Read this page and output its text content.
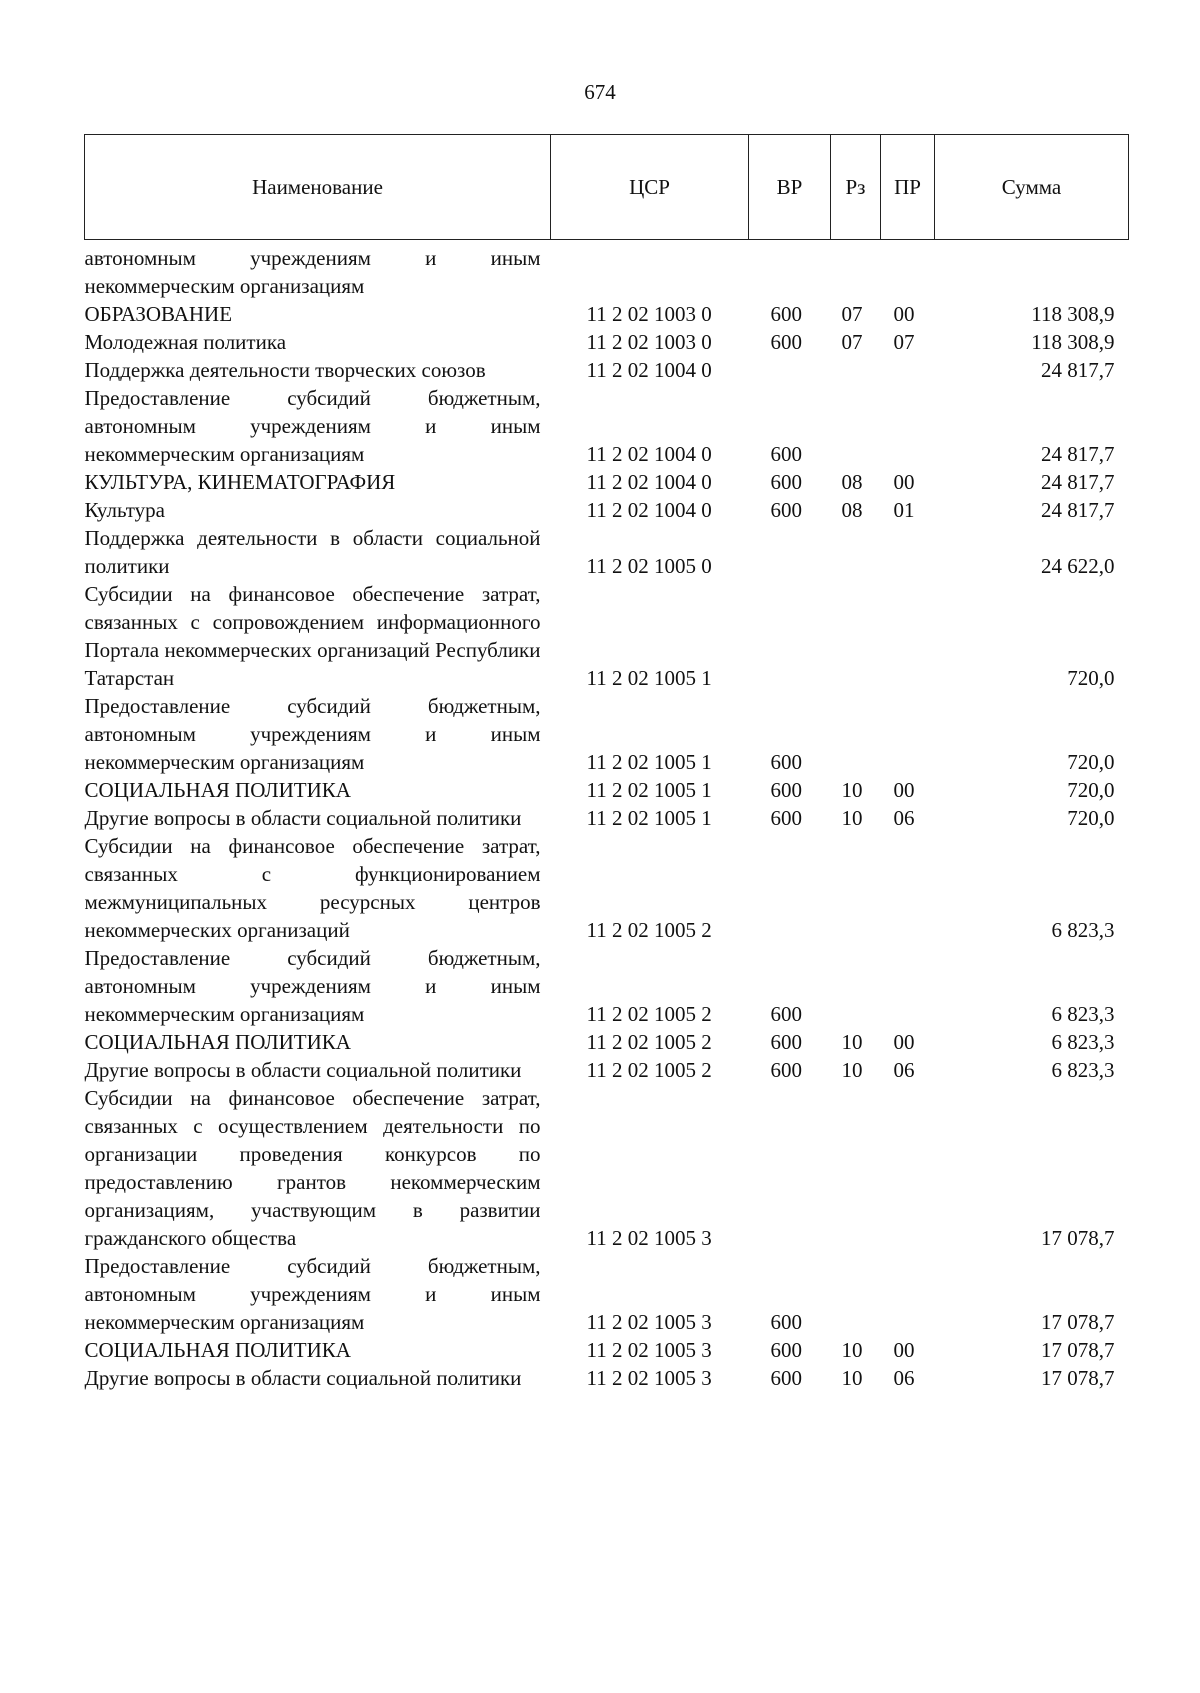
674
Наименование	ЦСР	ВР	Рз	ПР	Сумма
автономным учреждениям и иным некоммерческим организациям					
ОБРАЗОВАНИЕ	11 2 02 1003 0	600	07	00	118 308,9
Молодежная политика	11 2 02 1003 0	600	07	07	118 308,9
Поддержка деятельности творческих союзов	11 2 02 1004 0				24 817,7
Предоставление субсидий бюджетным, автономным учреждениям и иным некоммерческим организациям	11 2 02 1004 0	600			24 817,7
КУЛЬТУРА, КИНЕМАТОГРАФИЯ	11 2 02 1004 0	600	08	00	24 817,7
Культура	11 2 02 1004 0	600	08	01	24 817,7
Поддержка деятельности в области социальной политики	11 2 02 1005 0				24 622,0
Субсидии на финансовое обеспечение затрат, связанных с сопровождением информационного Портала некоммерческих организаций Республики Татарстан	11 2 02 1005 1				720,0
Предоставление субсидий бюджетным, автономным учреждениям и иным некоммерческим организациям	11 2 02 1005 1	600			720,0
СОЦИАЛЬНАЯ ПОЛИТИКА	11 2 02 1005 1	600	10	00	720,0
Другие вопросы в области социальной политики	11 2 02 1005 1	600	10	06	720,0
Субсидии на финансовое обеспечение затрат, связанных с функционированием межмуниципальных ресурсных центров некоммерческих организаций	11 2 02 1005 2				6 823,3
Предоставление субсидий бюджетным, автономным учреждениям и иным некоммерческим организациям	11 2 02 1005 2	600			6 823,3
СОЦИАЛЬНАЯ ПОЛИТИКА	11 2 02 1005 2	600	10	00	6 823,3
Другие вопросы в области социальной политики	11 2 02 1005 2	600	10	06	6 823,3
Субсидии на финансовое обеспечение затрат, связанных с осуществлением деятельности по организации проведения конкурсов по предоставлению грантов некоммерческим организациям, участвующим в развитии гражданского общества	11 2 02 1005 3				17 078,7
Предоставление субсидий бюджетным, автономным учреждениям и иным некоммерческим организациям	11 2 02 1005 3	600			17 078,7
СОЦИАЛЬНАЯ ПОЛИТИКА	11 2 02 1005 3	600	10	00	17 078,7
Другие вопросы в области социальной политики	11 2 02 1005 3	600	10	06	17 078,7
